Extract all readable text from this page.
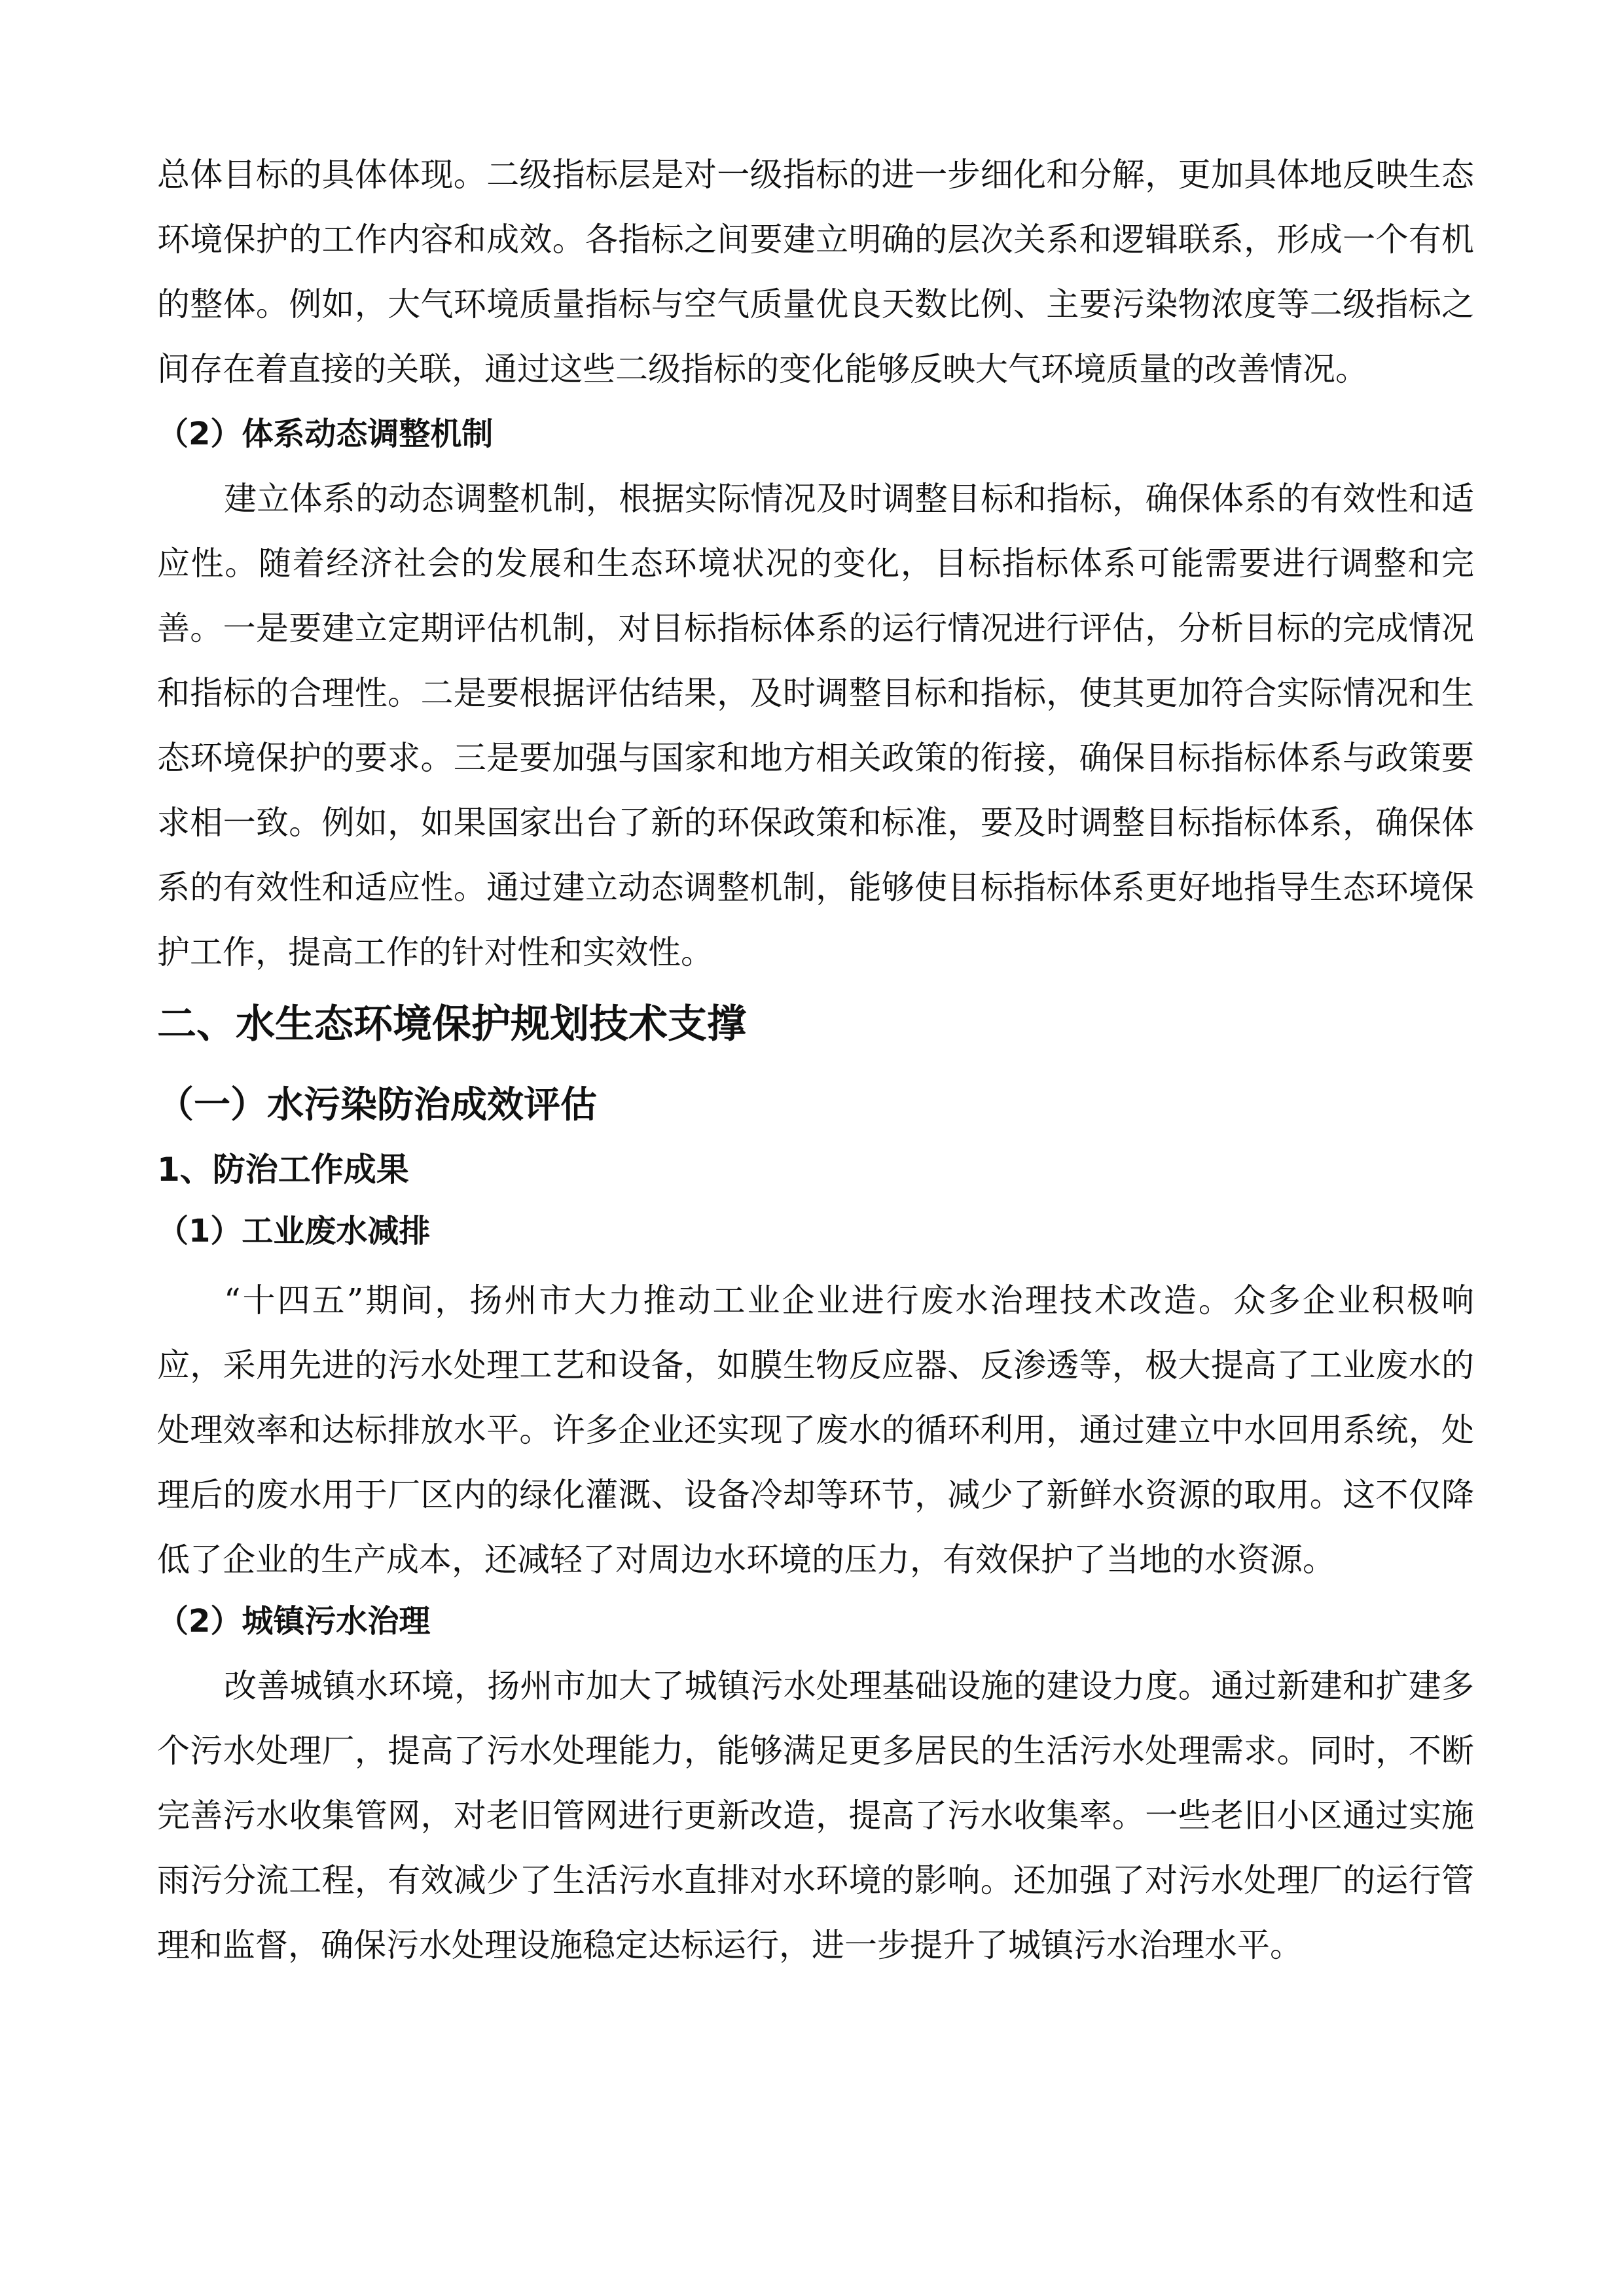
总体目标的具体体现。二级指标层是对一级指标的进一步细化和分解，更加具体地反映生态
环境保护的工作内容和成效。各指标之间要建立明确的层次关系和逻辑联系，形成一个有机
的整体。例如，大气环境质量指标与空气质量优良天数比例、主要污染物浓度等二级指标之
间存在着直接的关联，通过这些二级指标的变化能够反映大气环境质量的改善情况。
（2）体系动态调整机制
建立体系的动态调整机制，根据实际情况及时调整目标和指标，确保体系的有效性和适
应性。随着经济社会的发展和生态环境状况的变化，目标指标体系可能需要进行调整和完
善。一是要建立定期评估机制，对目标指标体系的运行情况进行评估，分析目标的完成情况
和指标的合理性。二是要根据评估结果，及时调整目标和指标，使其更加符合实际情况和生
态环境保护的要求。三是要加强与国家和地方相关政策的衔接，确保目标指标体系与政策要
求相一致。例如，如果国家出台了新的环保政策和标准，要及时调整目标指标体系，确保体
系的有效性和适应性。通过建立动态调整机制，能够使目标指标体系更好地指导生态环境保
护工作，提高工作的针对性和实效性。
二、水生态环境保护规划技术支撑
（一）水污染防治成效评估
1、防治工作成果
（1）工业废水减排
“十四五”期间，扬州市大力推动工业企业进行废水治理技术改造。众多企业积极响
应，采用先进的污水处理工艺和设备，如膜生物反应器、反渗透等，极大提高了工业废水的
处理效率和达标排放水平。许多企业还实现了废水的循环利用，通过建立中水回用系统，处
理后的废水用于厂区内的绿化灌溉、设备冷却等环节，减少了新鲜水资源的取用。这不仅降
低了企业的生产成本，还减轻了对周边水环境的压力，有效保护了当地的水资源。
（2）城镇污水治理
改善城镇水环境，扬州市加大了城镇污水处理基础设施的建设力度。通过新建和扩建多
个污水处理厂，提高了污水处理能力，能够满足更多居民的生活污水处理需求。同时，不断
完善污水收集管网，对老旧管网进行更新改造，提高了污水收集率。一些老旧小区通过实施
雨污分流工程，有效减少了生活污水直排对水环境的影响。还加强了对污水处理厂的运行管
理和监督，确保污水处理设施稳定达标运行，进一步提升了城镇污水治理水平。
